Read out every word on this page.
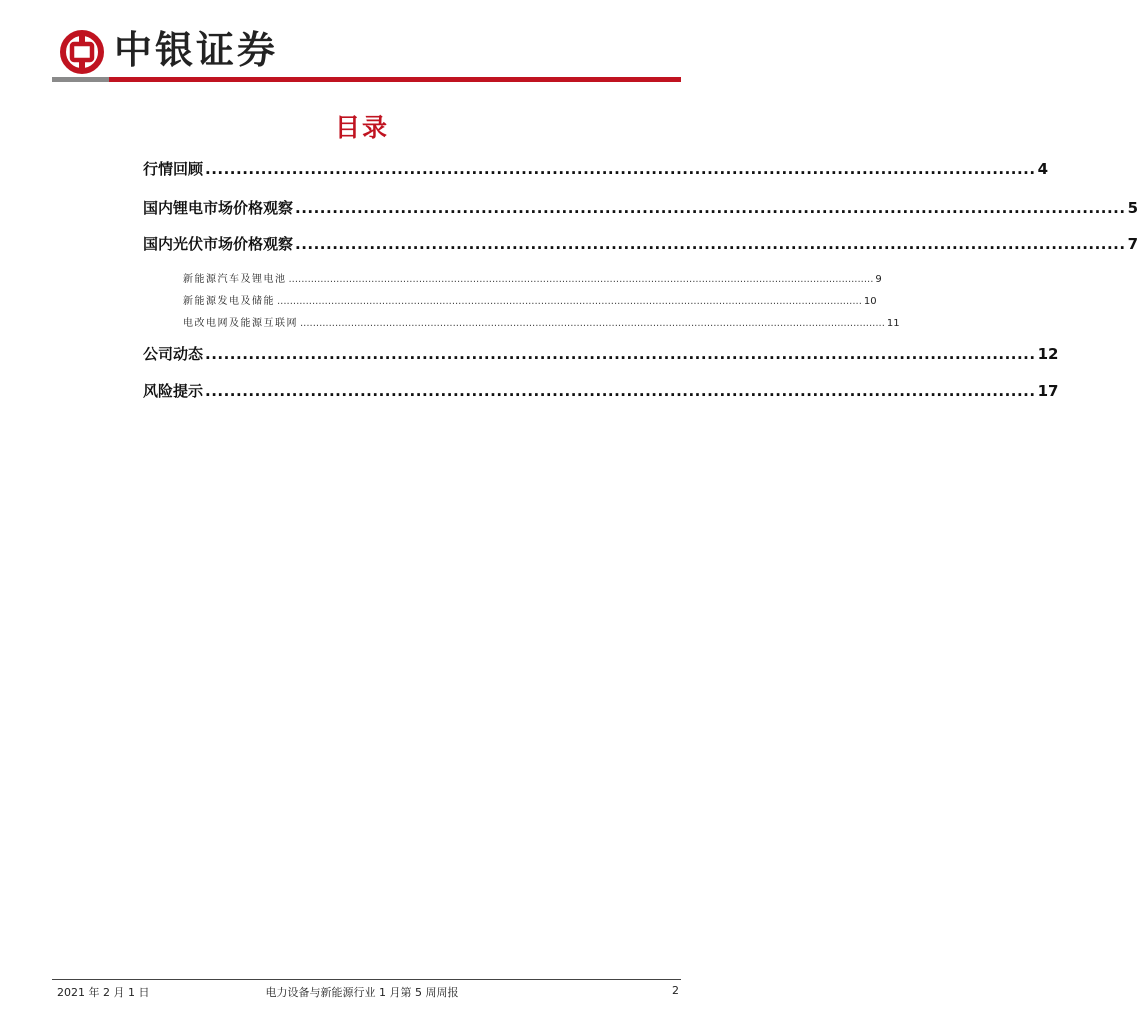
中银证券
目录
行情回顾 ...................................................................................................................................... 4
国内锂电市场价格观察 ...................................................................................................................................... 5
国内光伏市场价格观察 ...................................................................................................................................... 7
新能源汽车及锂电池 ........................................................................................................................................................................................ 9
新能源发电及储能 ........................................................................................................................................................................................ 10
电改电网及能源互联网 ........................................................................................................................................................................................ 11
公司动态 ...................................................................................................................................... 12
风险提示 ...................................................................................................................................... 17
2021 年 2 月 1 日	电力设备与新能源行业 1 月第 5 周周报	2
